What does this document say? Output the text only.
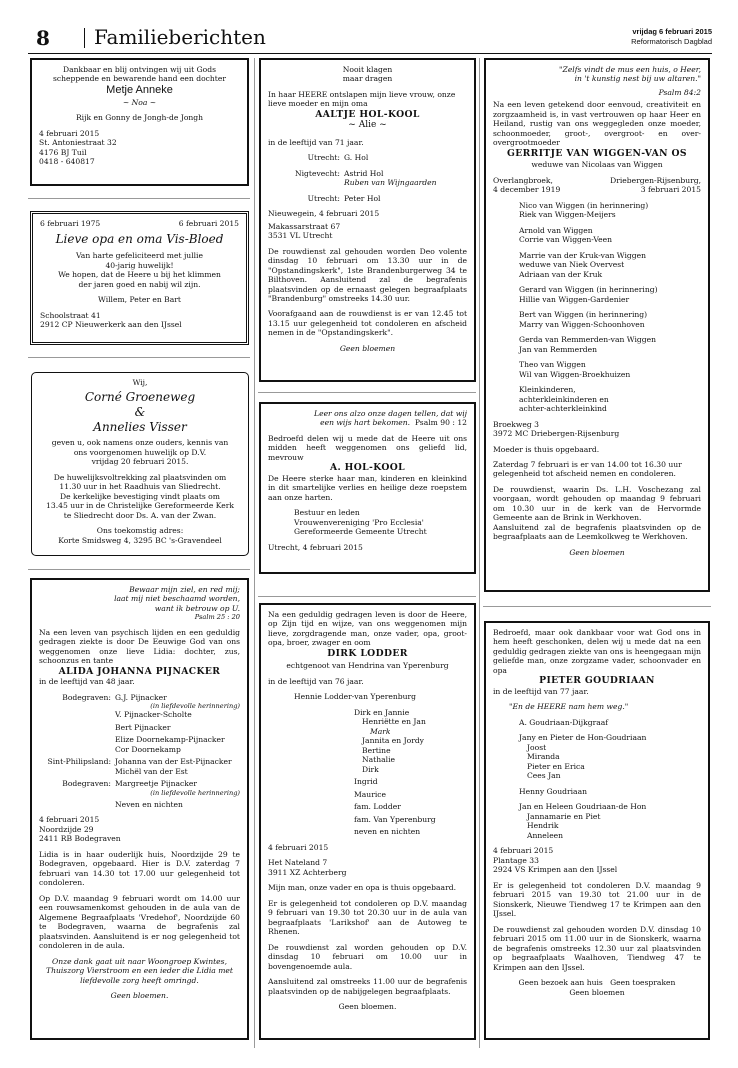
8 Familieberichten	vrijdag 6 februari 2015
Reformatorisch Dagblad

Dankbaar en blij ontvingen wij uit Gods

scheppende en bewarende hand een dochter

Metje Anneke

~ Noa ~

Rijk en Gonny de Jongh-de Jongh

4 februari 2015

St. Antoniestraat 32

4176 BJ Tuil

0418 - 640817

6 februari 1975	6 februari 2015

Lieve opa en oma Vis-Bloed

Van harte gefeliciteerd met jullie

40-jarig huwelijk!

We hopen, dat de Heere u bij het klimmen

der jaren goed en nabij wil zijn.

Willem, Peter en Bart

Schoolstraat 41

2912 CP Nieuwerkerk aan den IJssel

Wij,

Corné Groeneweg

&

Annelies Visser

geven u, ook namens onze ouders, kennis van

ons voorgenomen huwelijk op D.V.

vrijdag 20 februari 2015.

De huwelijksvoltrekking zal plaatsvinden om

11.30 uur in het Raadhuis van Sliedrecht.

De kerkelijke bevestiging vindt plaats om

13.45 uur in de Christelijke Gereformeerde Kerk

te Sliedrecht door Ds. A. van der Zwan.

Ons toekomstig adres:

Korte Smidsweg 4, 3295 BC 's-Gravendeel

Bewaar mijn ziel, en red mij;

laat mij niet beschaamd worden,

want ik betrouw op U.

Psalm 25 : 20

Na een leven van psychisch lijden en een geduldig gedragen ziekte is door De Eeuwige God van ons weggenomen onze lieve Lidia: dochter, zus, schoonzus en tante

ALIDA JOHANNA PIJNACKER

in de leeftijd van 48 jaar.

Bodegraven: G.J. Pijnacker

(in liefdevolle herinnering)

V. Pijnacker-Scholte

Bert Pijnacker

Elize Doornekamp-Pijnacker

Cor Doornekamp

Sint-Philipsland: Johanna van der Est-Pijnacker

Michël van der Est

Bodegraven: Margreetje Pijnacker

(in liefdevolle herinnering)

Neven en nichten

4 februari 2015

Noordzijde 29

2411 RB Bodegraven

Lidia is in haar ouderlijk huis, Noordzijde 29 te Bodegraven, opgebaard. Hier is D.V. zaterdag 7 februari van 14.30 tot 17.00 uur gelegenheid tot condoleren.

Op D.V. maandag 9 februari wordt om 14.00 uur een rouwsamenkomst gehouden in de aula van de Algemene Begraafplaats 'Vredehof', Noordzijde 60 te Bodegraven, waarna de begrafenis zal plaatsvinden. Aansluitend is er nog gelegenheid tot condoleren in de aula.

Onze dank gaat uit naar Woongroep Kwintes, Thuiszorg Vierstroom en een ieder die Lidia met liefdevolle zorg heeft omringd.

Geen bloemen.

Nooit klagen

maar dragen

In haar HEERE ontslapen mijn lieve vrouw, onze lieve moeder en mijn oma

AALTJE HOL-KOOL

~ Alie ~

in de leeftijd van 71 jaar.

Utrecht: G. Hol
Nigtevecht: Astrid Hol

Ruben van Wijngaarden

Utrecht: Peter Hol

Nieuwegein, 4 februari 2015

Makassarstraat 67

3531 VL Utrecht

De rouwdienst zal gehouden worden Deo volente dinsdag 10 februari om 13.30 uur in de "Opstandingskerk", 1ste Brandenburgerweg 34 te Bilthoven. Aansluitend zal de begrafenis plaatsvinden op de ernaast gelegen begraafplaats "Brandenburg" omstreeks 14.30 uur.

Voorafgaand aan de rouwdienst is er van 12.45 tot 13.15 uur gelegenheid tot condoleren en afscheid nemen in de "Opstandingskerk".

Geen bloemen

Leer ons alzo onze dagen tellen, dat wij

een wijs hart bekomen. Psalm 90 : 12

Bedroefd delen wij u mede dat de Heere uit ons midden heeft weggenomen ons geliefd lid, mevrouw

A. HOL-KOOL

De Heere sterke haar man, kinderen en kleinkind in dit smartelijke verlies en heilige deze roepstem aan onze harten.

Bestuur en leden

Vrouwenvereniging 'Pro Ecclesia'

Gereformeerde Gemeente Utrecht

Utrecht, 4 februari 2015

Na een geduldig gedragen leven is door de Heere, op Zijn tijd en wijze, van ons weggenomen mijn lieve, zorgdragende man, onze vader, opa, groot-opa, broer, zwager en oom

DIRK LODDER

echtgenoot van Hendrina van Yperenburg

in de leeftijd van 76 jaar.

Hennie Lodder-van Yperenburg

Dirk en Jannie

Henriëtte en Jan

Mark

Jannita en Jordy

Bertine

Nathalie

Dirk

Ingrid

Maurice

fam. Lodder

fam. Van Yperenburg

neven en nichten

4 februari 2015

Het Nateland 7

3911 XZ Achterberg

Mijn man, onze vader en opa is thuis opgebaard.

Er is gelegenheid tot condoleren op D.V. maandag 9 februari van 19.30 tot 20.30 uur in de aula van begraafplaats 'Larikshof' aan de Autoweg te Rhenen.

De rouwdienst zal worden gehouden op D.V. dinsdag 10 februari om 10.00 uur in bovengenoemde aula.

Aansluitend zal omstreeks 11.00 uur de begrafenis plaatsvinden op de nabijgelegen begraafplaats.

Geen bloemen.

"Zelfs vindt de mus een huis, o Heer,

in 't kunstig nest bij uw altaren."

Psalm 84:2

Na een leven getekend door eenvoud, creativiteit en zorgzaamheid is, in vast vertrouwen op haar Heer en Heiland, rustig van ons weggegleden onze moeder, schoonmoeder, groot-, overgroot- en over-overgrootmoeder

GERRITJE VAN WIGGEN-VAN OS

weduwe van Nicolaas van Wiggen

Overlangbroek,	Driebergen-Rijsenburg,
4 december 1919	3 februari 2015

Nico van Wiggen (in herinnering)

Riek van Wiggen-Meijers

Arnold van Wiggen

Corrie van Wiggen-Veen

Marrie van der Kruk-van Wiggen

weduwe van Niek Overvest

Adriaan van der Kruk

Gerard van Wiggen (in herinnering)

Hillie van Wiggen-Gardenier

Bert van Wiggen (in herinnering)

Marry van Wiggen-Schoonhoven

Gerda van Remmerden-van Wiggen

Jan van Remmerden

Theo van Wiggen

Wil van Wiggen-Broekhuizen

Kleinkinderen,

achterkleinkinderen en

achter-achterkleinkind

Broekweg 3

3972 MC Driebergen-Rijsenburg

Moeder is thuis opgebaard.

Zaterdag 7 februari is er van 14.00 tot 16.30 uur gelegenheid tot afscheid nemen en condoleren.

De rouwdienst, waarin Ds. L.H. Voschezang zal voorgaan, wordt gehouden op maandag 9 februari om 10.30 uur in de kerk van de Hervormde Gemeente aan de Brink in Werkhoven.

Aansluitend zal de begrafenis plaatsvinden op de begraafplaats aan de Leemkolkweg te Werkhoven.

Geen bloemen

Bedroefd, maar ook dankbaar voor wat God ons in hem heeft geschonken, delen wij u mede dat na een geduldig gedragen ziekte van ons is heengegaan mijn geliefde man, onze zorgzame vader, schoonvader en opa

PIETER GOUDRIAAN

in de leeftijd van 77 jaar.

"En de HEERE nam hem weg."

A. Goudriaan-Dijkgraaf

Jany en Pieter de Hon-Goudriaan

Joost

Miranda

Pieter en Erica

Cees Jan

Henny Goudriaan

Jan en Heleen Goudriaan-de Hon

Jannamarie en Piet

Hendrik

Anneleen

4 februari 2015

Plantage 33

2924 VS Krimpen aan den IJssel

Er is gelegenheid tot condoleren D.V. maandag 9 februari 2015 van 19.30 tot 21.00 uur in de Sionskerk, Nieuwe Tiendweg 17 te Krimpen aan den IJssel.

De rouwdienst zal gehouden worden D.V. dinsdag 10 februari 2015 om 11.00 uur in de Sionskerk, waarna de begrafenis omstreeks 12.30 uur zal plaatsvinden op begraafplaats Waalhoven, Tiendweg 47 te Krimpen aan den IJssel.

Geen bezoek aan huis Geen toespraken

Geen bloemen
